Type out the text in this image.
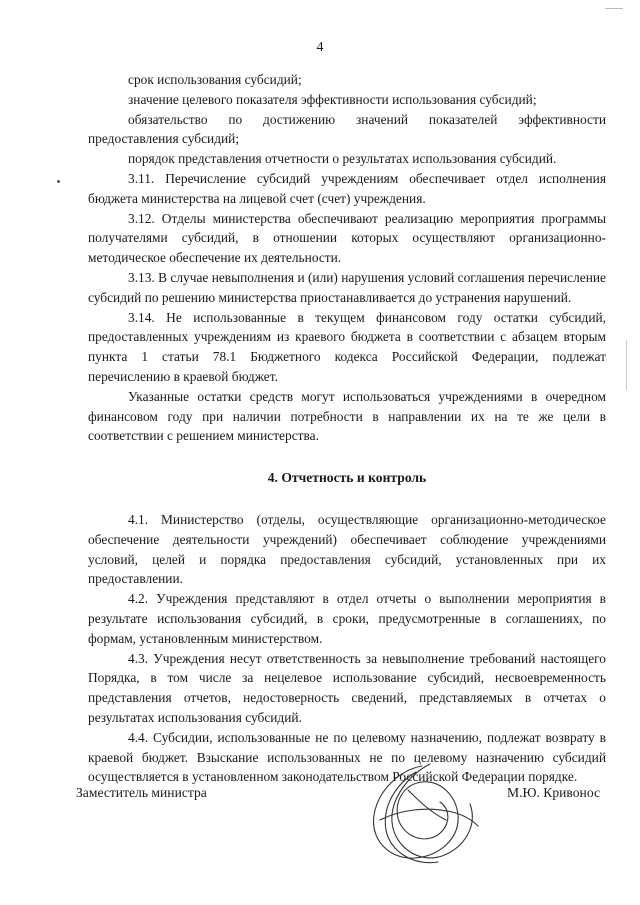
4

срок использования субсидий;

значение целевого показателя эффективности использования субсидий;

обязательство по достижению значений показателей эффективности предоставления субсидий;

порядок представления отчетности о результатах использования субсидий.

3.11. Перечисление субсидий учреждениям обеспечивает отдел исполнения бюджета министерства на лицевой счет (счет) учреждения.

3.12. Отделы министерства обеспечивают реализацию мероприятия программы получателями субсидий, в отношении которых осуществляют организационно-методическое обеспечение их деятельности.

3.13. В случае невыполнения и (или) нарушения условий соглашения перечисление субсидий по решению министерства приостанавливается до устранения нарушений.

3.14. Не использованные в текущем финансовом году остатки субсидий, предоставленных учреждениям из краевого бюджета в соответствии с абзацем вторым пункта 1 статьи 78.1 Бюджетного кодекса Российской Федерации, подлежат перечислению в краевой бюджет.

Указанные остатки средств могут использоваться учреждениями в очередном финансовом году при наличии потребности в направлении их на те же цели в соответствии с решением министерства.

4. Отчетность и контроль

4.1. Министерство (отделы, осуществляющие организационно-методическое обеспечение деятельности учреждений) обеспечивает соблюдение учреждениями условий, целей и порядка предоставления субсидий, установленных при их предоставлении.

4.2. Учреждения представляют в отдел отчеты о выполнении мероприятия в результате использования субсидий, в сроки, предусмотренные в соглашениях, по формам, установленным министерством.

4.3. Учреждения несут ответственность за невыполнение требований настоящего Порядка, в том числе за нецелевое использование субсидий, несвоевременность представления отчетов, недостоверность сведений, представляемых в отчетах о результатах использования субсидий.

4.4. Субсидии, использованные не по целевому назначению, подлежат возврату в краевой бюджет. Взыскание использованных не по целевому назначению субсидий осуществляется в установленном законодательством Российской Федерации порядке.

Заместитель министра	М.Ю. Кривонос
